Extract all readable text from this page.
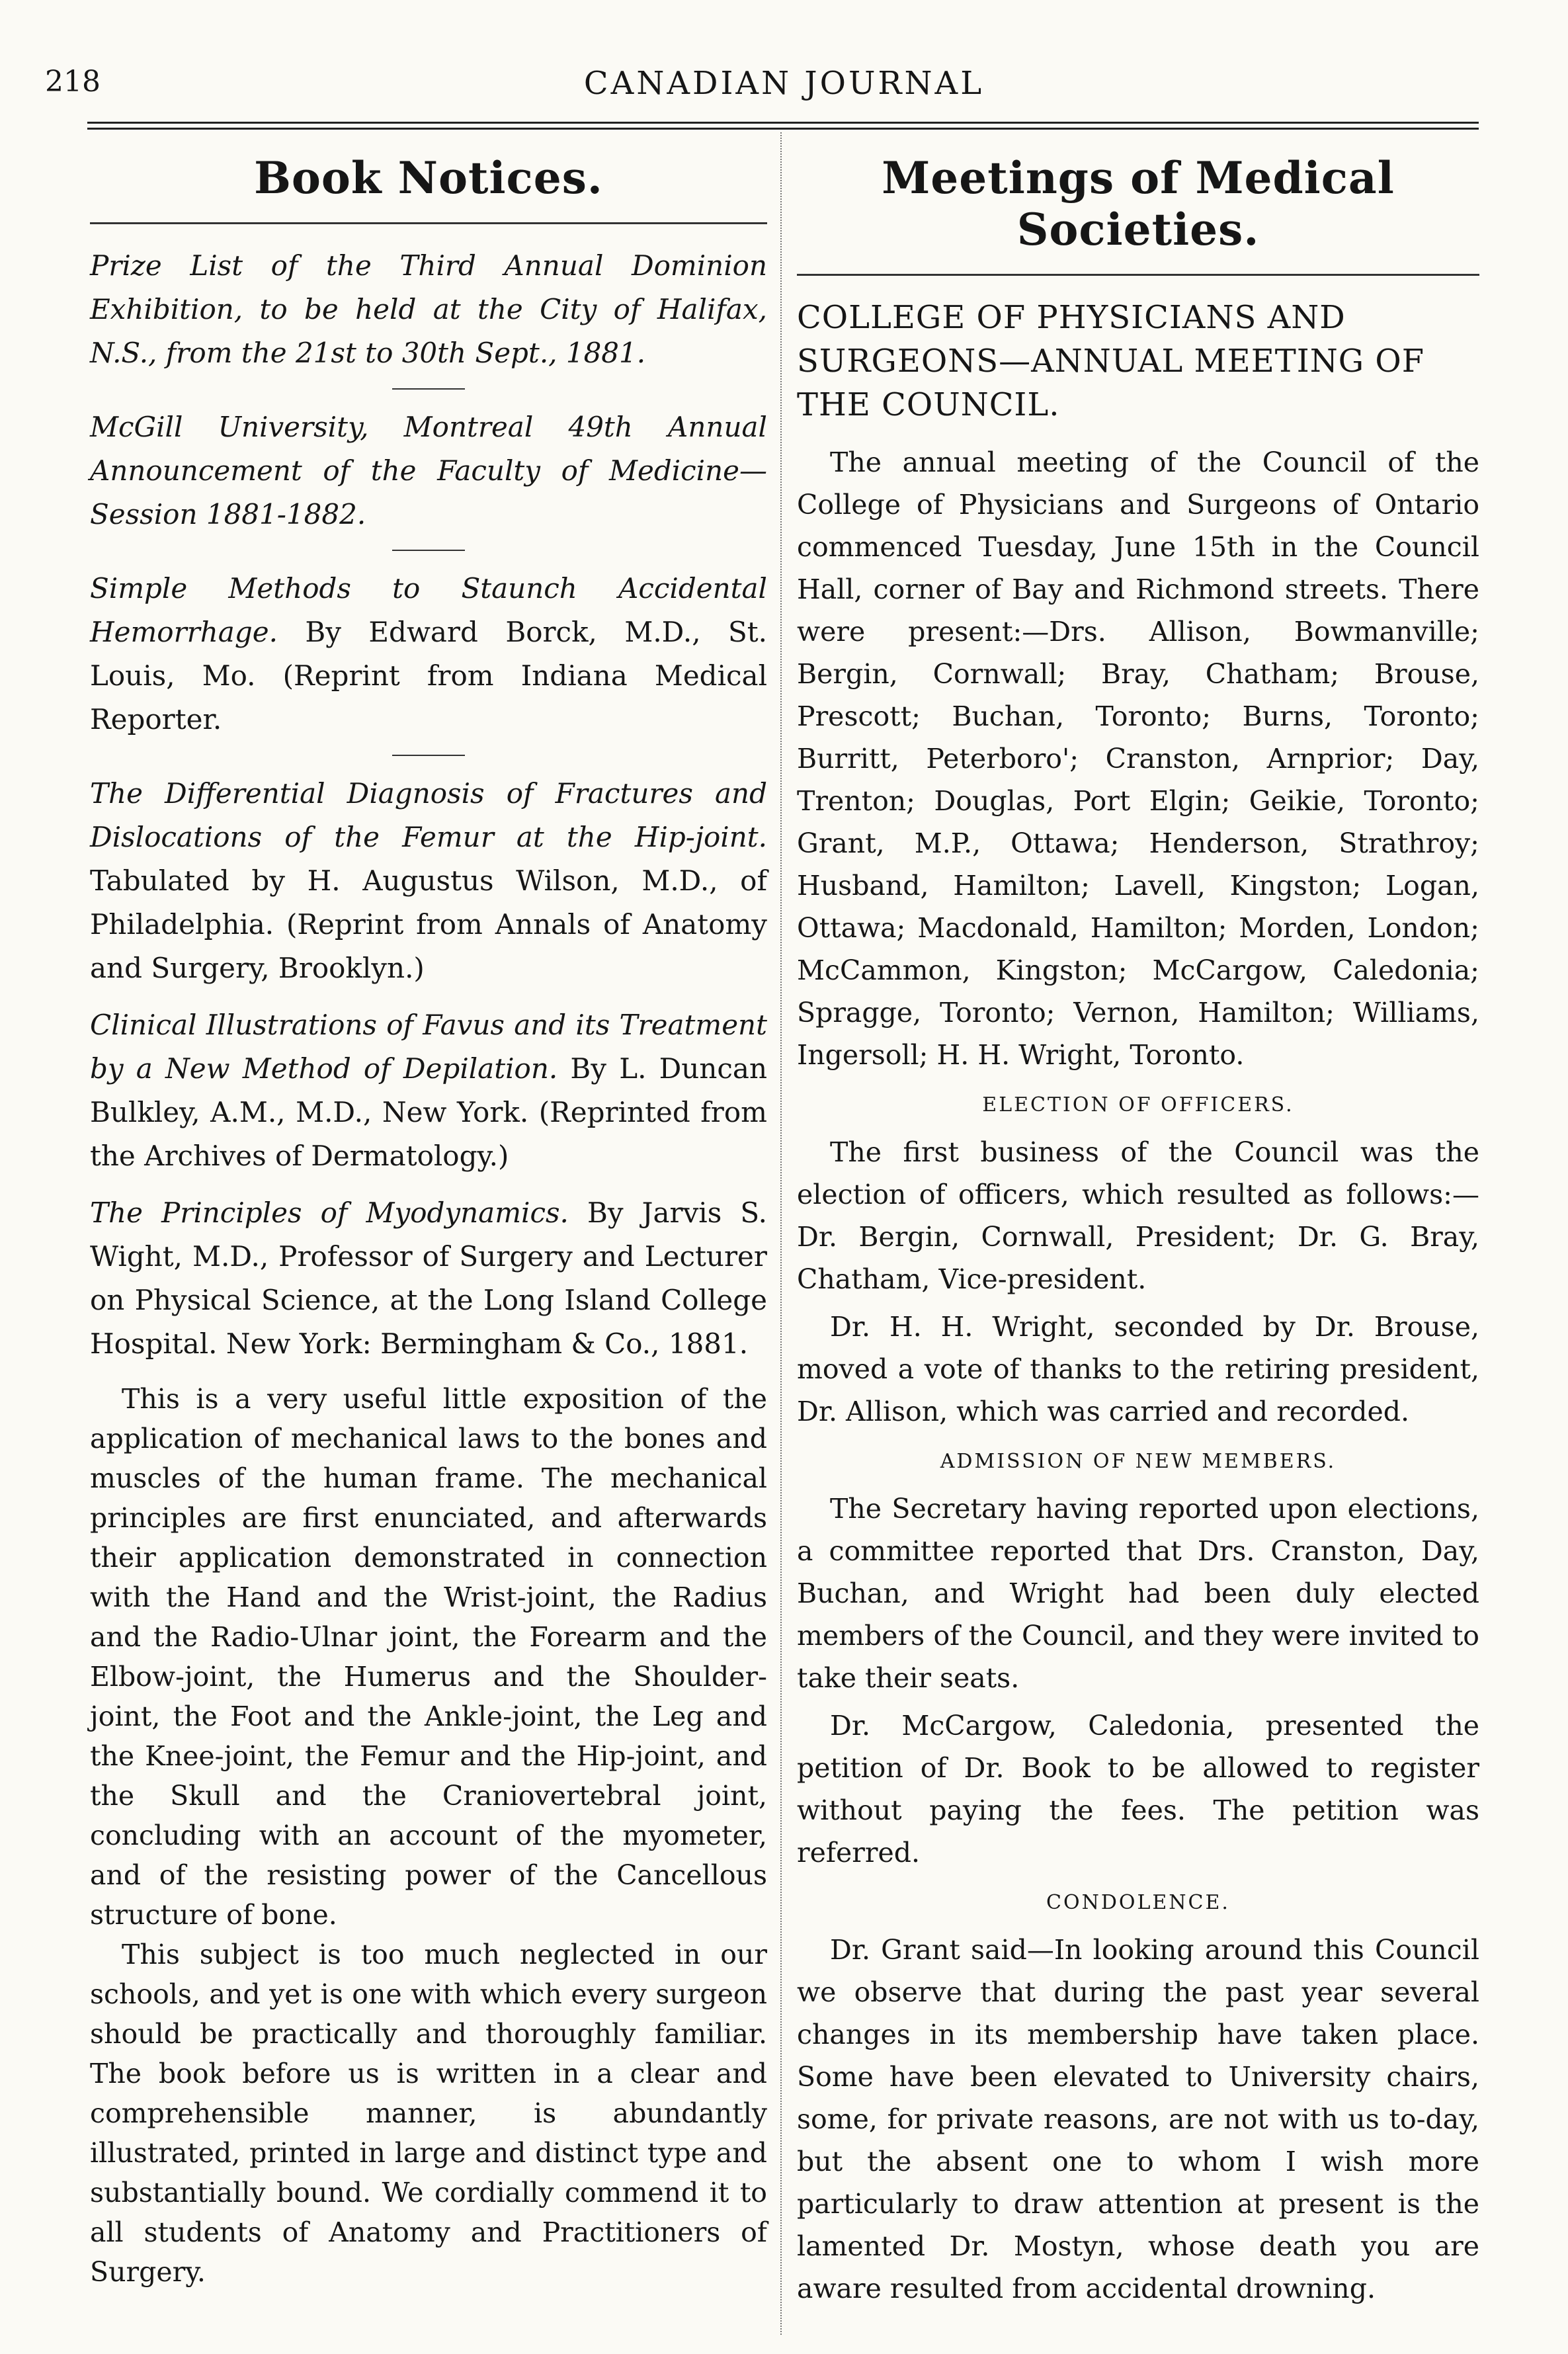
218	CANADIAN JOURNAL
Book Notices.
Prize List of the Third Annual Dominion Exhibition, to be held at the City of Halifax, N.S., from the 21st to 30th Sept., 1881.
McGill University, Montreal 49th Annual Announcement of the Faculty of Medicine—Session 1881-1882.
Simple Methods to Staunch Accidental Hemorrhage. By Edward Borck, M.D., St. Louis, Mo. (Reprint from Indiana Medical Reporter.
The Differential Diagnosis of Fractures and Dislocations of the Femur at the Hip-joint. Tabulated by H. Augustus Wilson, M.D., of Philadelphia. (Reprint from Annals of Anatomy and Surgery, Brooklyn.)
Clinical Illustrations of Favus and its Treatment by a New Method of Depilation. By L. Duncan Bulkley, A.M., M.D., New York. (Reprinted from the Archives of Dermatology.)
The Principles of Myodynamics. By Jarvis S. Wight, M.D., Professor of Surgery and Lecturer on Physical Science, at the Long Island College Hospital. New York: Bermingham & Co., 1881.

This is a very useful little exposition of the application of mechanical laws to the bones and muscles of the human frame. The mechanical principles are first enunciated, and afterwards their application demonstrated in connection with the Hand and the Wrist-joint, the Radius and the Radio-Ulnar joint, the Forearm and the Elbow-joint, the Humerus and the Shoulder-joint, the Foot and the Ankle-joint, the Leg and the Knee-joint, the Femur and the Hip-joint, and the Skull and the Craniovertebral joint, concluding with an account of the myometer, and of the resisting power of the Cancellous structure of bone.

This subject is too much neglected in our schools, and yet is one with which every surgeon should be practically and thoroughly familiar. The book before us is written in a clear and comprehensible manner, is abundantly illustrated, printed in large and distinct type and substantially bound. We cordially commend it to all students of Anatomy and Practitioners of Surgery.

Meetings of Medical Societies.
COLLEGE OF PHYSICIANS AND SURGEONS—ANNUAL MEETING OF THE COUNCIL.

The annual meeting of the Council of the College of Physicians and Surgeons of Ontario commenced Tuesday, June 15th in the Council Hall, corner of Bay and Richmond streets. There were present:—Drs. Allison, Bowmanville; Bergin, Cornwall; Bray, Chatham; Brouse, Prescott; Buchan, Toronto; Burns, Toronto; Burritt, Peterboro'; Cranston, Arnprior; Day, Trenton; Douglas, Port Elgin; Geikie, Toronto; Grant, M.P., Ottawa; Henderson, Strathroy; Husband, Hamilton; Lavell, Kingston; Logan, Ottawa; Macdonald, Hamilton; Morden, London; McCammon, Kingston; McCargow, Caledonia; Spragge, Toronto; Vernon, Hamilton; Williams, Ingersoll; H. H. Wright, Toronto.

ELECTION OF OFFICERS.

The first business of the Council was the election of officers, which resulted as follows:—Dr. Bergin, Cornwall, President; Dr. G. Bray, Chatham, Vice-president.

Dr. H. H. Wright, seconded by Dr. Brouse, moved a vote of thanks to the retiring president, Dr. Allison, which was carried and recorded.

ADMISSION OF NEW MEMBERS.

The Secretary having reported upon elections, a committee reported that Drs. Cranston, Day, Buchan, and Wright had been duly elected members of the Council, and they were invited to take their seats.

Dr. McCargow, Caledonia, presented the petition of Dr. Book to be allowed to register without paying the fees. The petition was referred.

CONDOLENCE.

Dr. Grant said—In looking around this Council we observe that during the past year several changes in its membership have taken place. Some have been elevated to University chairs, some, for private reasons, are not with us to-day, but the absent one to whom I wish more particularly to draw attention at present is the lamented Dr. Mostyn, whose death you are aware resulted from accidental drowning.
